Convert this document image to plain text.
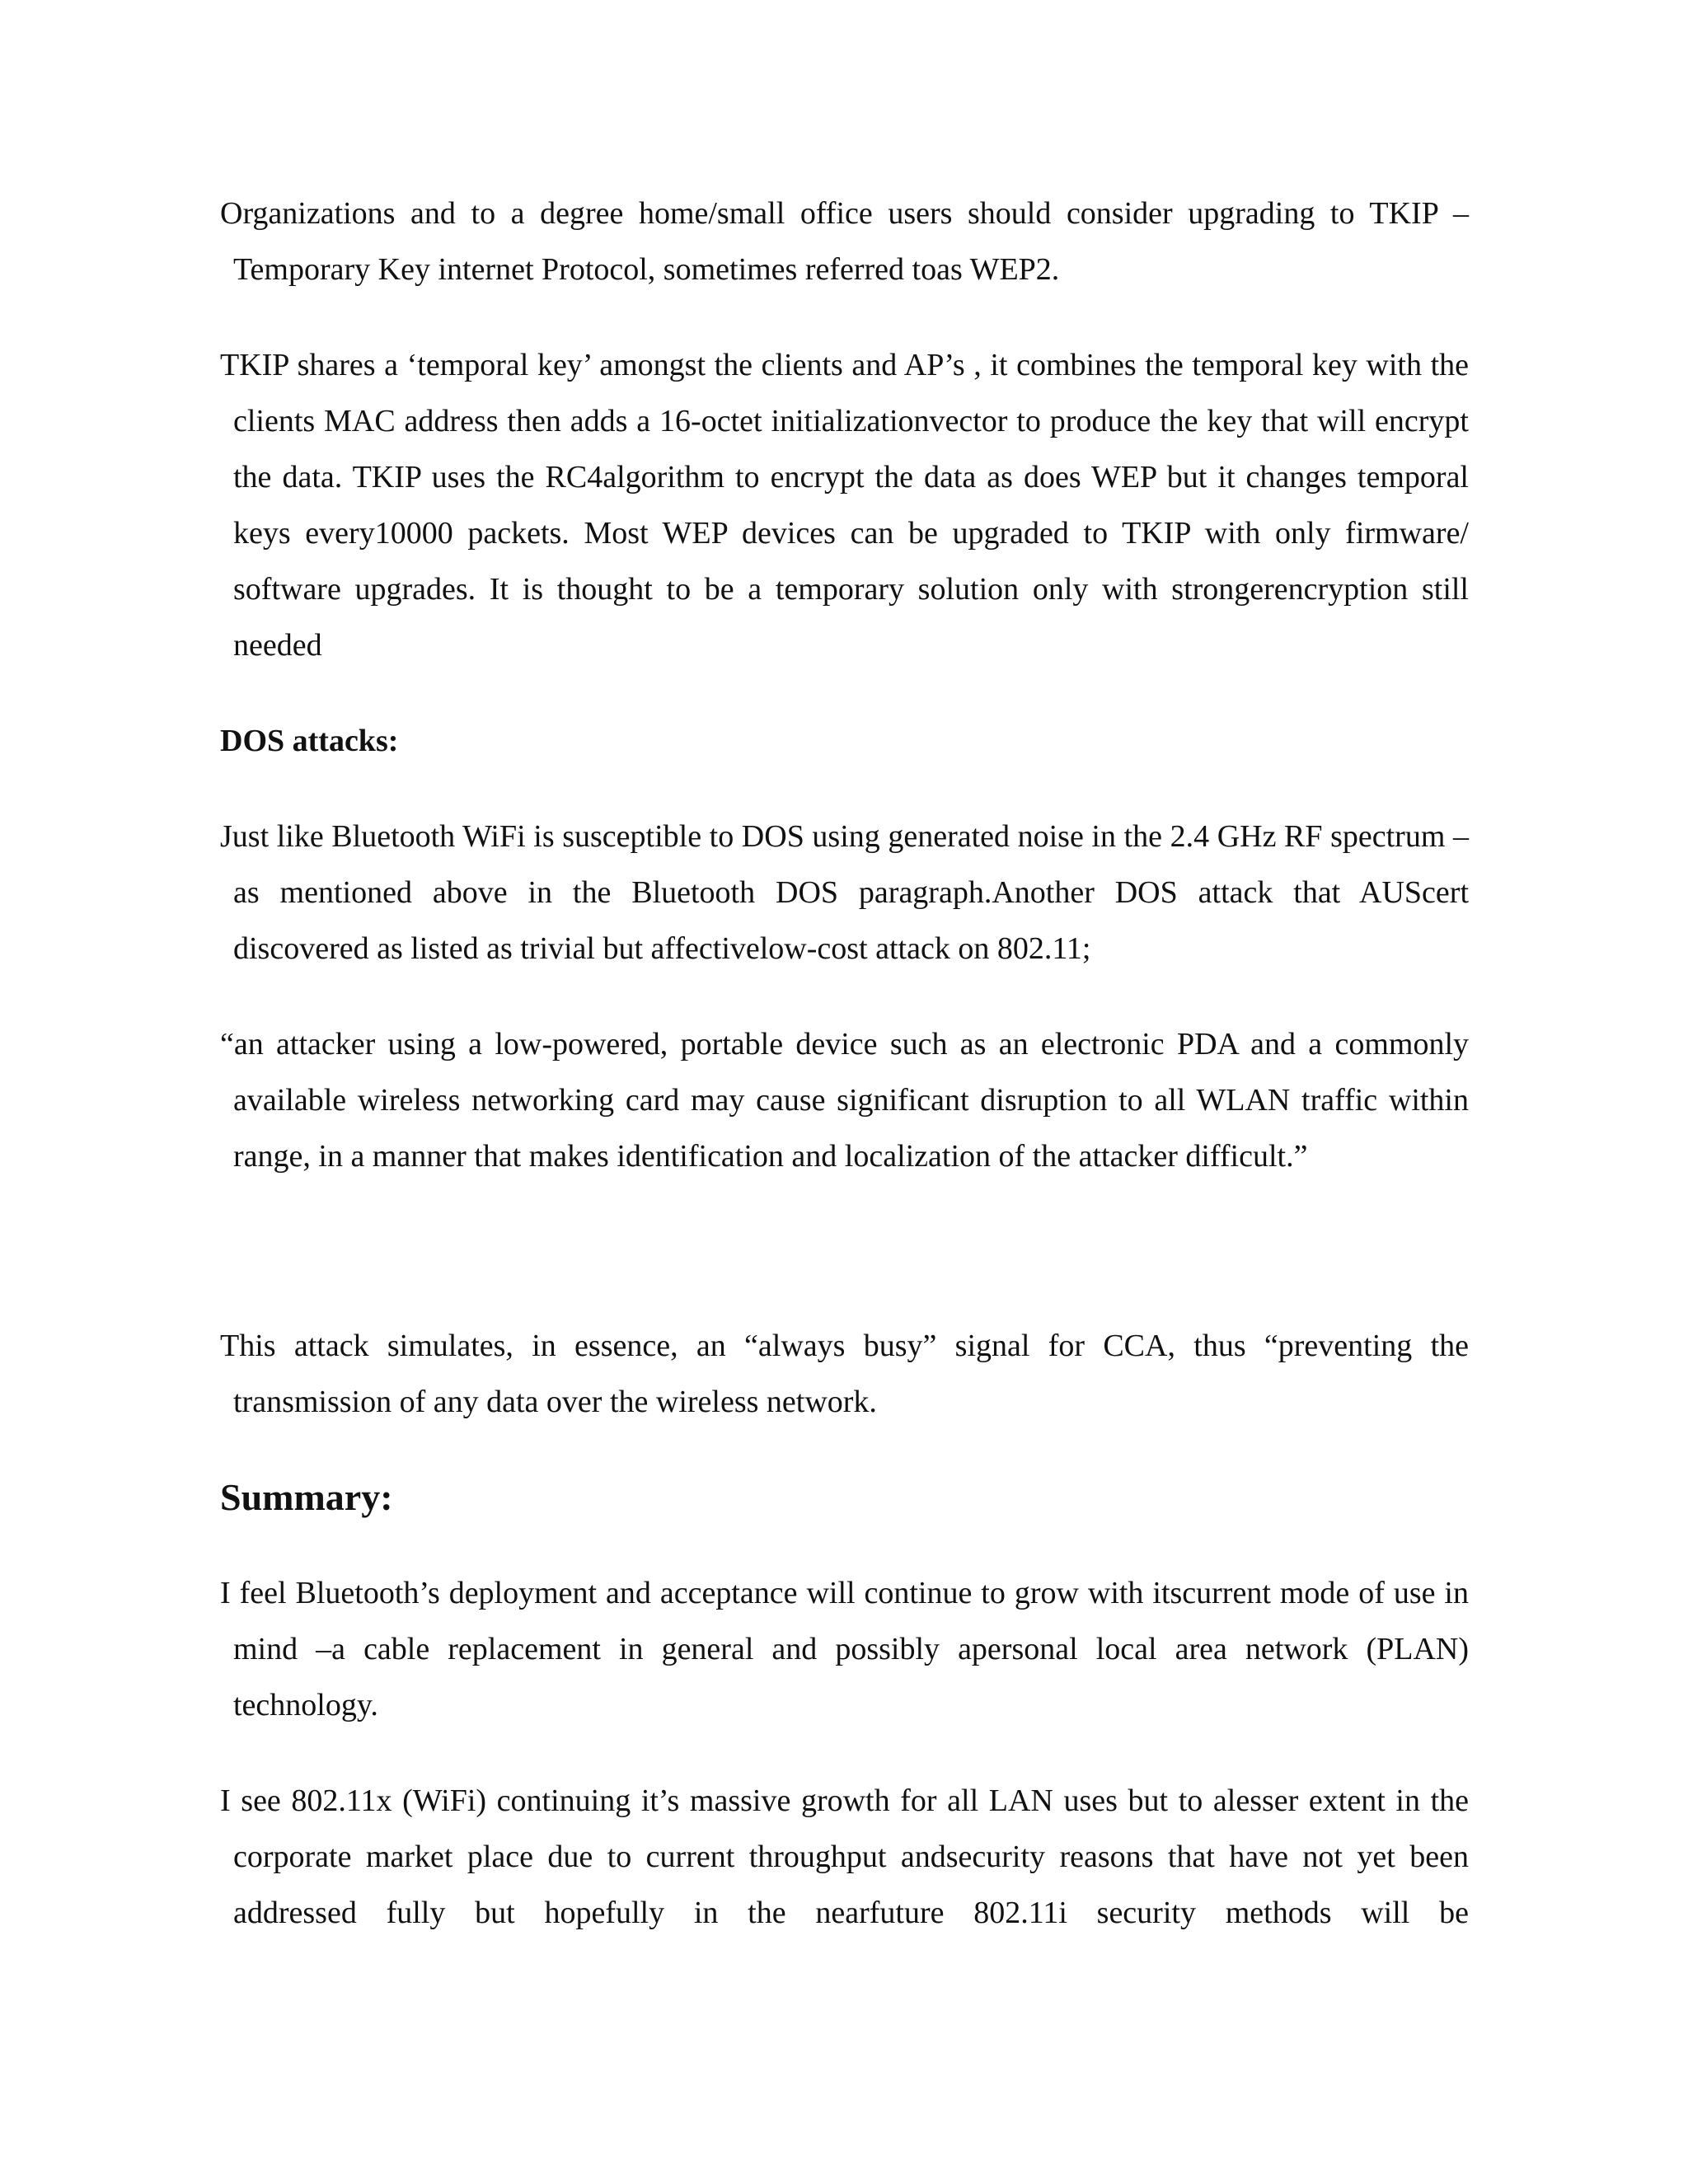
Organizations and to a degree home/small office users should consider upgrading to TKIP – Temporary Key internet Protocol, sometimes referred toas WEP2.

TKIP shares a ‘temporal key’ amongst the clients and AP’s , it combines the temporal key with the clients MAC address then adds a 16-octet initializationvector to produce the key that will encrypt the data. TKIP uses the RC4algorithm to encrypt the data as does WEP but it changes temporal keys every10000 packets. Most WEP devices can be upgraded to TKIP with only firmware/ software upgrades. It is thought to be a temporary solution only with strongerencryption still needed

DOS attacks:

Just like Bluetooth WiFi is susceptible to DOS using generated noise in the 2.4 GHz RF spectrum –as mentioned above in the Bluetooth DOS paragraph.Another DOS attack that AUScert discovered as listed as trivial but affectivelow-cost attack on 802.11;

“an attacker using a low-powered, portable device such as an electronic PDA and a commonly available wireless networking card may cause significant disruption to all WLAN traffic within range, in a manner that makes identification and localization of the attacker difficult.”

This attack simulates, in essence, an “always busy” signal for CCA, thus “preventing the transmission of any data over the wireless network.

Summary:

I feel Bluetooth’s deployment and acceptance will continue to grow with itscurrent mode of use in mind –a cable replacement in general and possibly apersonal local area network (PLAN) technology.

I see 802.11x (WiFi) continuing it’s massive growth for all LAN uses but to alesser extent in the corporate market place due to current throughput andsecurity reasons that have not yet been addressed fully but hopefully in the nearfuture 802.11i security methods will be
